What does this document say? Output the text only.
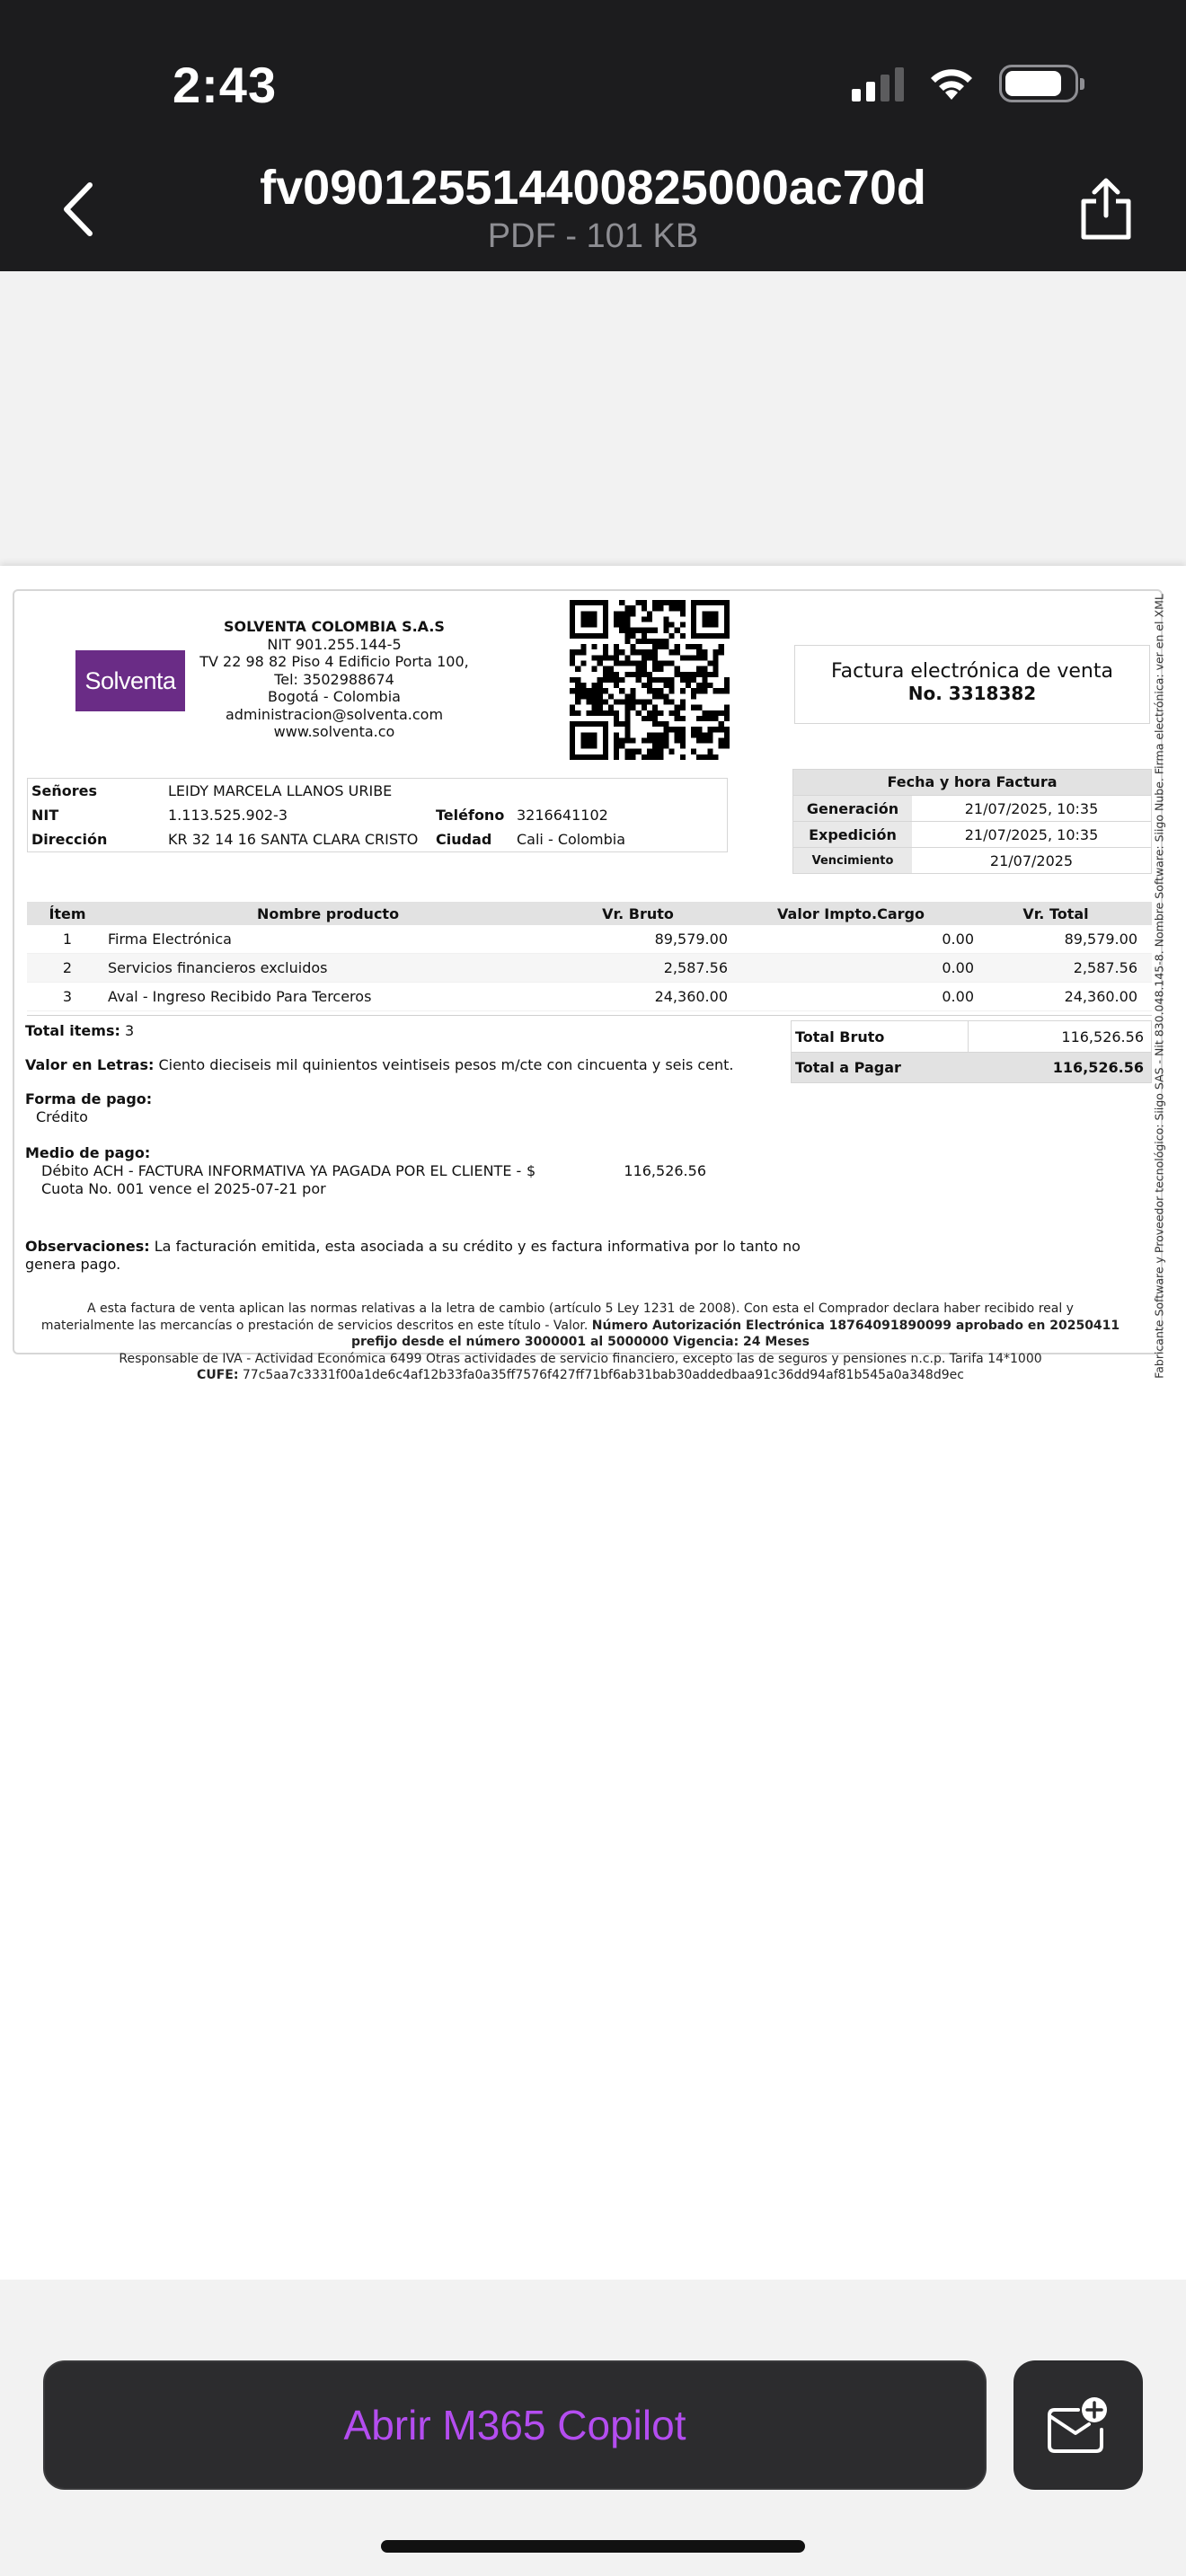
2:43
fv090125514400825000ac70d
PDF - 101 KB
Solventa
SOLVENTA COLOMBIA S.A.S
NIT 901.255.144-5
TV 22 98 82 Piso 4 Edificio Porta 100,
Tel: 3502988674
Bogotá - Colombia
administracion@solventa.com
www.solventa.co
Factura electrónica de venta
No. 3318382
Señores	LEIDY MARCELA LLANOS URIBE
NIT	1.113.525.902-3	Teléfono 3216641102
Dirección	KR 32 14 16 SANTA CLARA CRISTO	Ciudad	Cali - Colombia
Fecha y hora Factura
Generación	21/07/2025, 10:35
Expedición	21/07/2025, 10:35
Vencimiento	21/07/2025
Ítem	Nombre producto	Vr. Bruto	Valor Impto.Cargo	Vr. Total
1	Firma Electrónica	89,579.00	0.00	89,579.00
2	Servicios financieros excluidos	2,587.56	0.00	2,587.56
3	Aval - Ingreso Recibido Para Terceros	24,360.00	0.00	24,360.00
Total items: 3
Valor en Letras: Ciento dieciseis mil quinientos veintiseis pesos m/cte con cincuenta y seis cent.
Forma de pago:
Crédito
Medio de pago:
Débito ACH - FACTURA INFORMATIVA YA PAGADA POR EL CLIENTE -
Cuota No. 001 vence el 2025-07-21 por
$	116,526.56
Observaciones: La facturación emitida, esta asociada a su crédito y es factura informativa por lo tanto no genera pago.
Total Bruto	116,526.56
Total a Pagar	116,526.56
A esta factura de venta aplican las normas relativas a la letra de cambio (artículo 5 Ley 1231 de 2008). Con esta el Comprador declara haber recibido real y
materialmente las mercancías o prestación de servicios descritos en este título - Valor. Número Autorización Electrónica 18764091890099 aprobado en 20250411
prefijo desde el número 3000001 al 5000000 Vigencia: 24 Meses
Responsable de IVA - Actividad Económica 6499 Otras actividades de servicio financiero, excepto las de seguros y pensiones n.c.p. Tarifa 14*1000
CUFE: 77c5aa7c3331f00a1de6c4af12b33fa0a35ff7576f427ff71bf6ab31bab30addedbaa91c36dd94af81b545a0a348d9ec	Fabricante Software y Proveedor tecnológico: Siigo SAS - Nit 830.048.145-8. Nombre Software: Siigo Nube. Firma electrónica: ver en el XML
Abrir M365 Copilot
